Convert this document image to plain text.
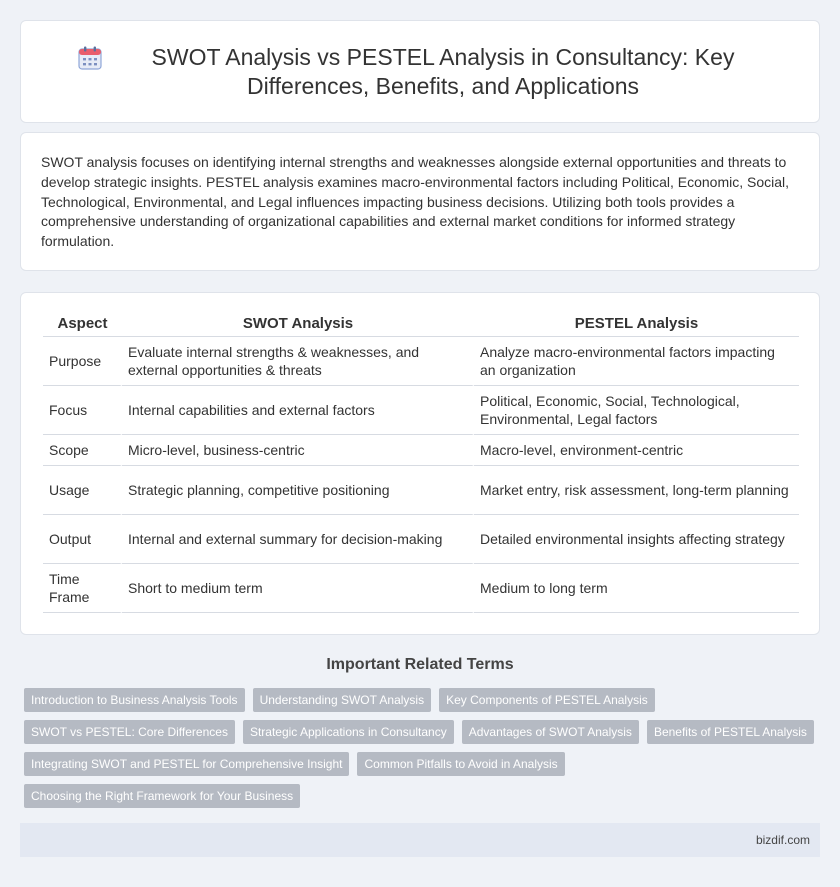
SWOT Analysis vs PESTEL Analysis in Consultancy: Key Differences, Benefits, and Applications

SWOT analysis focuses on identifying internal strengths and weaknesses alongside external opportunities and threats to develop strategic insights. PESTEL analysis examines macro-environmental factors including Political, Economic, Social, Technological, Environmental, and Legal influences impacting business decisions. Utilizing both tools provides a comprehensive understanding of organizational capabilities and external market conditions for informed strategy formulation.

Aspect	SWOT Analysis	PESTEL Analysis
Purpose	Evaluate internal strengths & weaknesses, and external opportunities & threats	Analyze macro-environmental factors impacting an organization
Focus	Internal capabilities and external factors	Political, Economic, Social, Technological, Environmental, Legal factors
Scope	Micro-level, business-centric	Macro-level, environment-centric
Usage	Strategic planning, competitive positioning	Market entry, risk assessment, long-term planning
Output	Internal and external summary for decision-making	Detailed environmental insights affecting strategy
Time Frame	Short to medium term	Medium to long term
Important Related Terms
Introduction to Business Analysis Tools	Understanding SWOT Analysis	Key Components of PESTEL Analysis
SWOT vs PESTEL: Core Differences	Strategic Applications in Consultancy	Advantages of SWOT Analysis	Benefits of PESTEL Analysis
Integrating SWOT and PESTEL for Comprehensive Insight	Common Pitfalls to Avoid in Analysis
Choosing the Right Framework for Your Business
bizdif.com
